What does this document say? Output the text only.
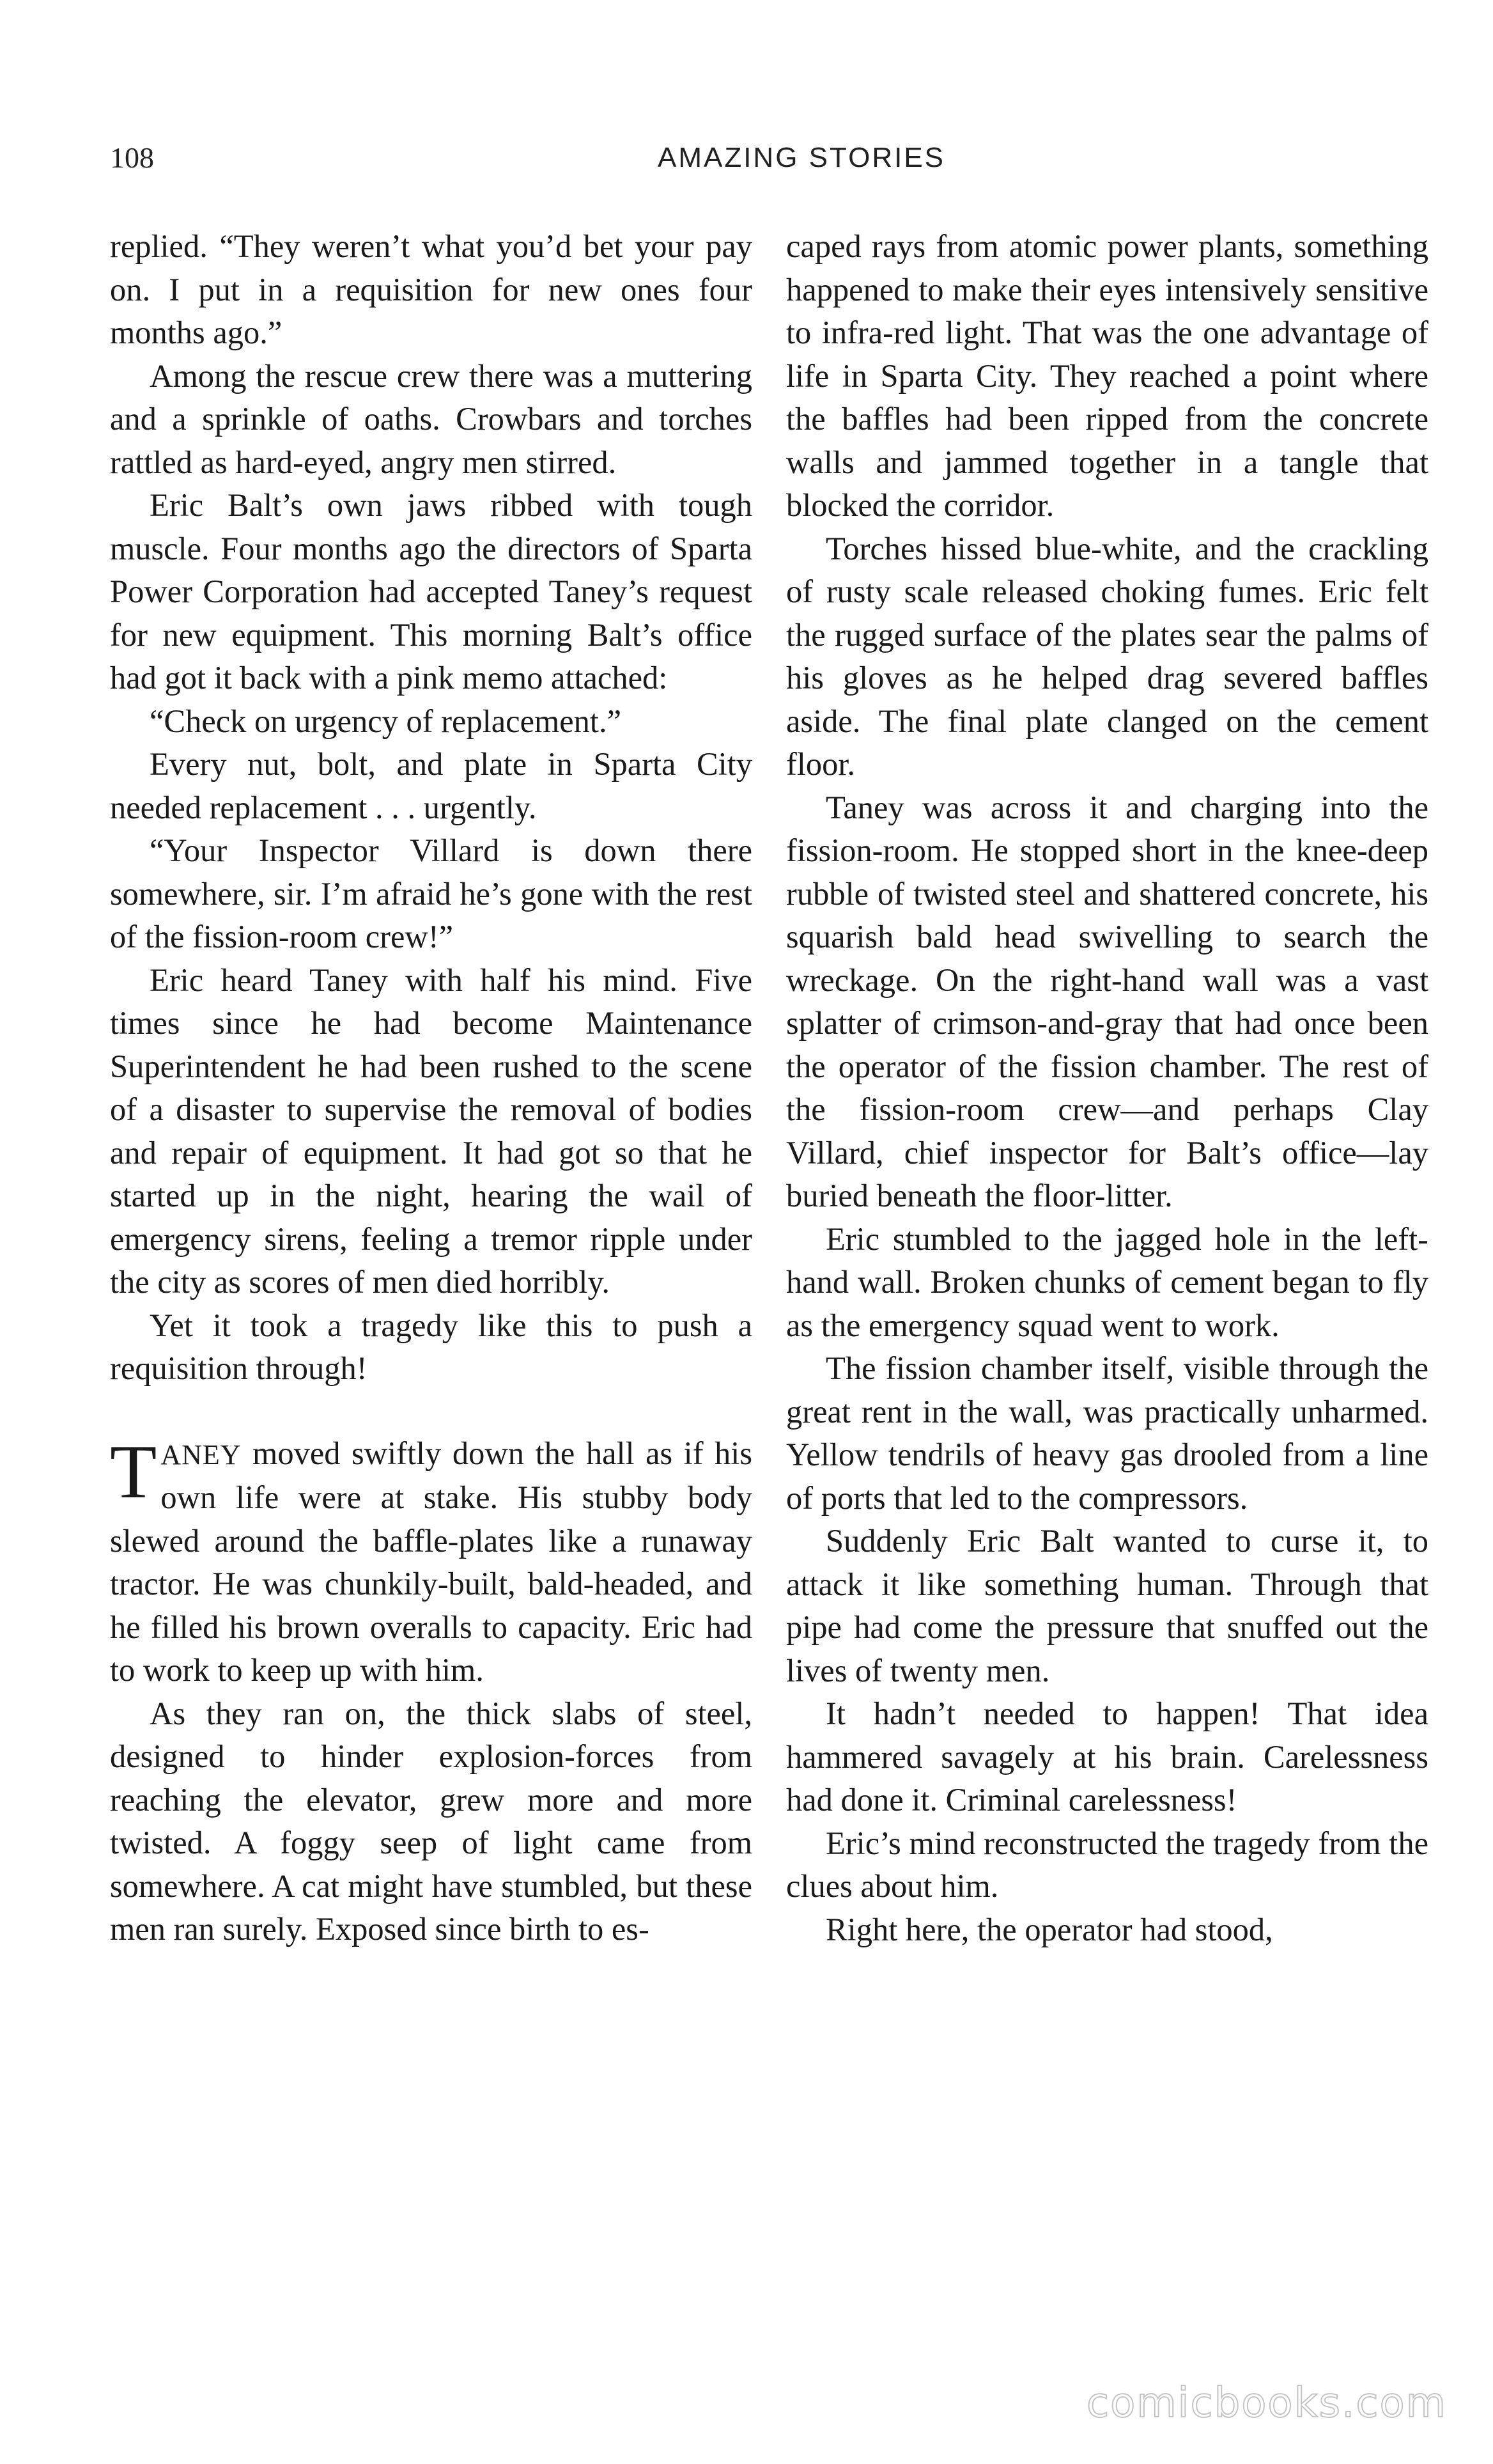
108	AMAZING STORIES

replied. “They weren’t what you’d bet your pay on. I put in a requisition for new ones four months ago.”

Among the rescue crew there was a muttering and a sprinkle of oaths. Crowbars and torches rattled as hard-eyed, angry men stirred.

Eric Balt’s own jaws ribbed with tough muscle. Four months ago the directors of Sparta Power Corporation had accepted Taney’s request for new equipment. This morning Balt’s office had got it back with a pink memo attached:

“Check on urgency of replacement.”

Every nut, bolt, and plate in Sparta City needed replacement . . . urgently.

“Your Inspector Villard is down there somewhere, sir. I’m afraid he’s gone with the rest of the fission-room crew!”

Eric heard Taney with half his mind. Five times since he had become Maintenance Superintendent he had been rushed to the scene of a disaster to supervise the removal of bodies and repair of equipment. It had got so that he started up in the night, hearing the wail of emergency sirens, feeling a tremor ripple under the city as scores of men died horribly.

Yet it took a tragedy like this to push a requisition through!

TANEY moved swiftly down the hall as if his own life were at stake. His stubby body slewed around the baffle-plates like a runaway tractor. He was chunkily-built, bald-headed, and he filled his brown overalls to capacity. Eric had to work to keep up with him.

As they ran on, the thick slabs of steel, designed to hinder explosion-forces from reaching the elevator, grew more and more twisted. A foggy seep of light came from somewhere. A cat might have stumbled, but these men ran surely. Exposed since birth to es-

caped rays from atomic power plants, something happened to make their eyes intensively sensitive to infra-red light. That was the one advantage of life in Sparta City. They reached a point where the baffles had been ripped from the concrete walls and jammed together in a tangle that blocked the corridor.

Torches hissed blue-white, and the crackling of rusty scale released choking fumes. Eric felt the rugged surface of the plates sear the palms of his gloves as he helped drag severed baffles aside. The final plate clanged on the cement floor.

Taney was across it and charging into the fission-room. He stopped short in the knee-deep rubble of twisted steel and shattered concrete, his squarish bald head swivelling to search the wreckage. On the right-hand wall was a vast splatter of crimson-and-gray that had once been the operator of the fission chamber. The rest of the fission-room crew—and perhaps Clay Villard, chief inspector for Balt’s office—lay buried beneath the floor-litter.

Eric stumbled to the jagged hole in the left-hand wall. Broken chunks of cement began to fly as the emergency squad went to work.

The fission chamber itself, visible through the great rent in the wall, was practically unharmed. Yellow tendrils of heavy gas drooled from a line of ports that led to the compressors.

Suddenly Eric Balt wanted to curse it, to attack it like something human. Through that pipe had come the pressure that snuffed out the lives of twenty men.

It hadn’t needed to happen! That idea hammered savagely at his brain. Carelessness had done it. Criminal carelessness!

Eric’s mind reconstructed the tragedy from the clues about him.

Right here, the operator had stood,

comicbooks.com
